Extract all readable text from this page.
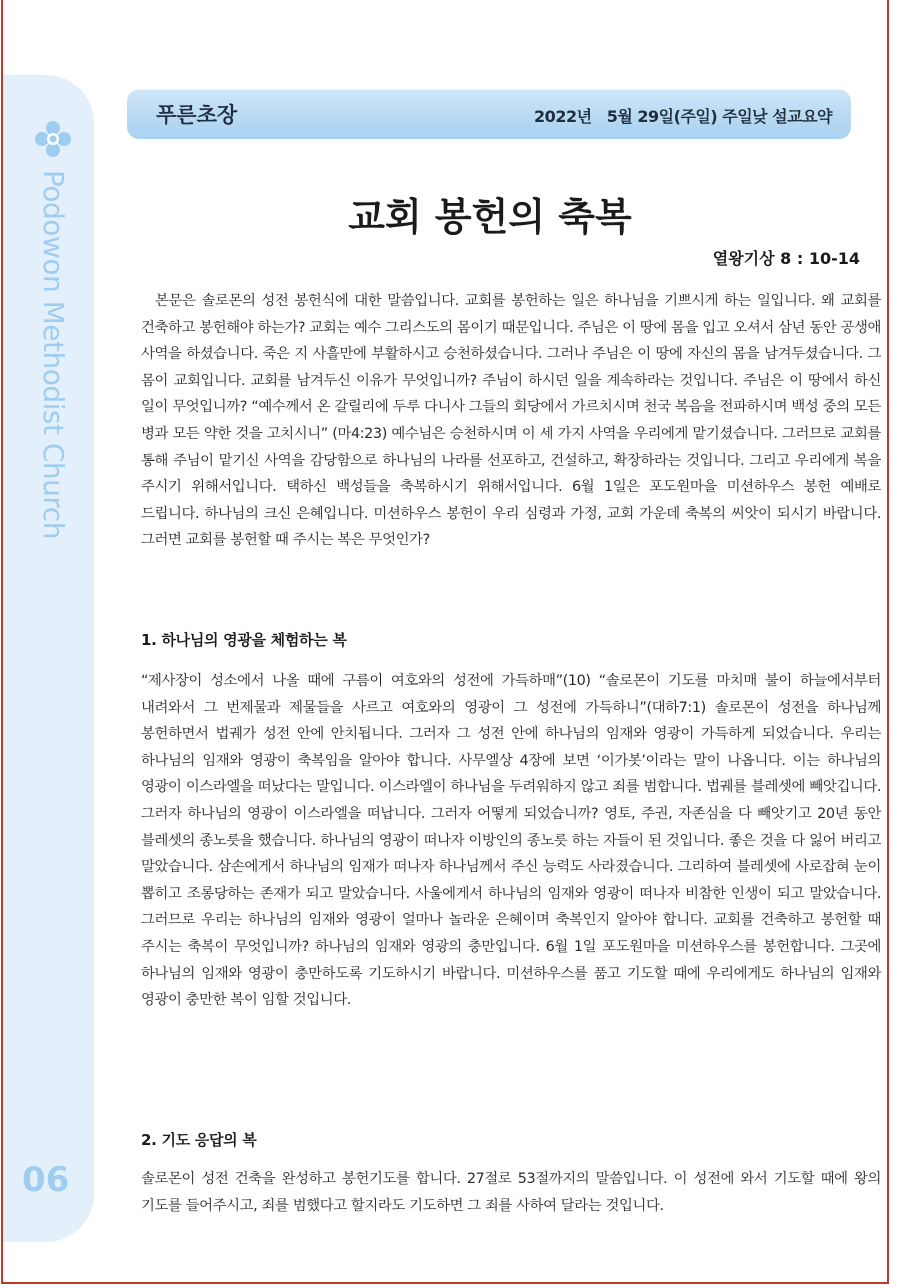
Podowon Methodist Church
06
푸른초장	2022년   5월 29일(주일) 주일낮 설교요약
교회 봉헌의 축복
열왕기상 8 : 10-14

본문은 솔로몬의 성전 봉헌식에 대한 말씀입니다. 교회를 봉헌하는 일은 하나님을 기쁘시게 하는 일입니다. 왜 교회를 건축하고 봉헌해야 하는가? 교회는 예수 그리스도의 몸이기 때문입니다. 주님은 이 땅에 몸을 입고 오셔서 삼년 동안 공생애 사역을 하셨습니다. 죽은 지 사흘만에 부활하시고 승천하셨습니다. 그러나 주님은 이 땅에 자신의 몸을 남겨두셨습니다. 그 몸이 교회입니다. 교회를 남겨두신 이유가 무엇입니까? 주님이 하시던 일을 계속하라는 것입니다. 주님은 이 땅에서 하신 일이 무엇입니까? “예수께서 온 갈릴리에 두루 다니사 그들의 회당에서 가르치시며 천국 복음을 전파하시며 백성 중의 모든 병과 모든 약한 것을 고치시니” (마4:23) 예수님은 승천하시며 이 세 가지 사역을 우리에게 맡기셨습니다. 그러므로 교회를 통해 주님이 맡기신 사역을 감당함으로 하나님의 나라를 선포하고, 건설하고, 확장하라는 것입니다. 그리고 우리에게 복을 주시기 위해서입니다. 택하신 백성들을 축복하시기 위해서입니다. 6월 1일은 포도원마을 미션하우스 봉헌 예배로 드립니다. 하나님의 크신 은혜입니다. 미션하우스 봉헌이 우리 심령과 가정, 교회 가운데 축복의 씨앗이 되시기 바랍니다. 그러면 교회를 봉헌할 때 주시는 복은 무엇인가?

1. 하나님의 영광을 체험하는 복

“제사장이 성소에서 나올 때에 구름이 여호와의 성전에 가득하매”(10) “솔로몬이 기도를 마치매 불이 하늘에서부터 내려와서 그 번제물과 제물들을 사르고 여호와의 영광이 그 성전에 가득하니”(대하7:1) 솔로몬이 성전을 하나님께 봉헌하면서 법궤가 성전 안에 안치됩니다. 그러자 그 성전 안에 하나님의 임재와 영광이 가득하게 되었습니다. 우리는 하나님의 임재와 영광이 축복임을 알아야 합니다. 사무엘상 4장에 보면 ‘이가봇’이라는 말이 나옵니다. 이는 하나님의 영광이 이스라엘을 떠났다는 말입니다. 이스라엘이 하나님을 두려워하지 않고 죄를 범합니다. 법궤를 블레셋에 빼앗깁니다. 그러자 하나님의 영광이 이스라엘을 떠납니다. 그러자 어떻게 되었습니까? 영토, 주권, 자존심을 다 빼앗기고 20년 동안 블레셋의 종노릇을 했습니다. 하나님의 영광이 떠나자 이방인의 종노릇 하는 자들이 된 것입니다. 좋은 것을 다 잃어 버리고 말았습니다. 삼손에게서 하나님의 임재가 떠나자 하나님께서 주신 능력도 사라졌습니다. 그리하여 블레셋에 사로잡혀 눈이 뽑히고 조롱당하는 존재가 되고 말았습니다. 사울에게서 하나님의 임재와 영광이 떠나자 비참한 인생이 되고 말았습니다. 그러므로 우리는 하나님의 임재와 영광이 얼마나 놀라운 은혜이며 축복인지 알아야 합니다. 교회를 건축하고 봉헌할 때 주시는 축복이 무엇입니까? 하나님의 임재와 영광의 충만입니다. 6월 1일 포도원마을 미션하우스를 봉헌합니다. 그곳에 하나님의 임재와 영광이 충만하도록 기도하시기 바랍니다. 미션하우스를 품고 기도할 때에 우리에게도 하나님의 임재와 영광이 충만한 복이 임할 것입니다.

2. 기도 응답의 복

솔로몬이 성전 건축을 완성하고 봉헌기도를 합니다. 27절로 53절까지의 말씀입니다. 이 성전에 와서 기도할 때에 왕의 기도를 들어주시고, 죄를 범했다고 할지라도 기도하면 그 죄를 사하여 달라는 것입니다.
